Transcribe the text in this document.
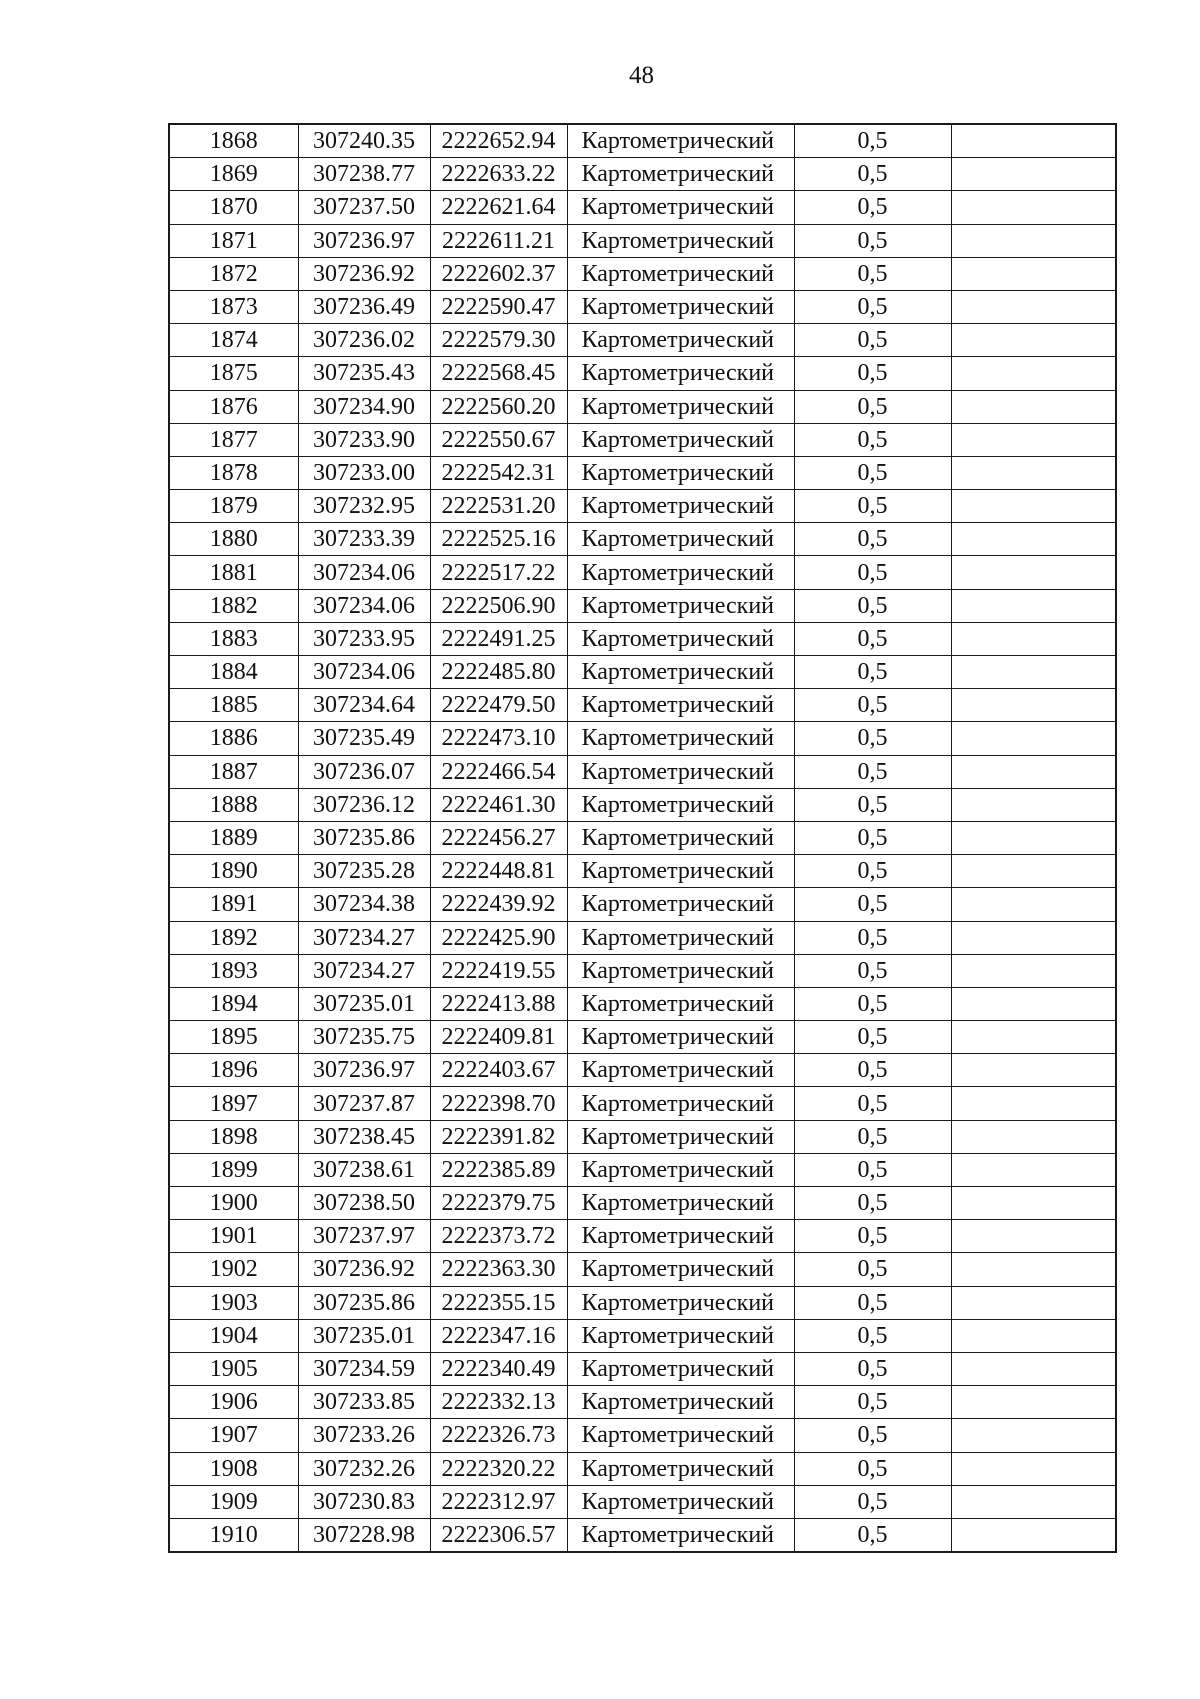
48
1868	307240.35	2222652.94	Картометрический	0,5	
1869	307238.77	2222633.22	Картометрический	0,5	
1870	307237.50	2222621.64	Картометрический	0,5	
1871	307236.97	2222611.21	Картометрический	0,5	
1872	307236.92	2222602.37	Картометрический	0,5	
1873	307236.49	2222590.47	Картометрический	0,5	
1874	307236.02	2222579.30	Картометрический	0,5	
1875	307235.43	2222568.45	Картометрический	0,5	
1876	307234.90	2222560.20	Картометрический	0,5	
1877	307233.90	2222550.67	Картометрический	0,5	
1878	307233.00	2222542.31	Картометрический	0,5	
1879	307232.95	2222531.20	Картометрический	0,5	
1880	307233.39	2222525.16	Картометрический	0,5	
1881	307234.06	2222517.22	Картометрический	0,5	
1882	307234.06	2222506.90	Картометрический	0,5	
1883	307233.95	2222491.25	Картометрический	0,5	
1884	307234.06	2222485.80	Картометрический	0,5	
1885	307234.64	2222479.50	Картометрический	0,5	
1886	307235.49	2222473.10	Картометрический	0,5	
1887	307236.07	2222466.54	Картометрический	0,5	
1888	307236.12	2222461.30	Картометрический	0,5	
1889	307235.86	2222456.27	Картометрический	0,5	
1890	307235.28	2222448.81	Картометрический	0,5	
1891	307234.38	2222439.92	Картометрический	0,5	
1892	307234.27	2222425.90	Картометрический	0,5	
1893	307234.27	2222419.55	Картометрический	0,5	
1894	307235.01	2222413.88	Картометрический	0,5	
1895	307235.75	2222409.81	Картометрический	0,5	
1896	307236.97	2222403.67	Картометрический	0,5	
1897	307237.87	2222398.70	Картометрический	0,5	
1898	307238.45	2222391.82	Картометрический	0,5	
1899	307238.61	2222385.89	Картометрический	0,5	
1900	307238.50	2222379.75	Картометрический	0,5	
1901	307237.97	2222373.72	Картометрический	0,5	
1902	307236.92	2222363.30	Картометрический	0,5	
1903	307235.86	2222355.15	Картометрический	0,5	
1904	307235.01	2222347.16	Картометрический	0,5	
1905	307234.59	2222340.49	Картометрический	0,5	
1906	307233.85	2222332.13	Картометрический	0,5	
1907	307233.26	2222326.73	Картометрический	0,5	
1908	307232.26	2222320.22	Картометрический	0,5	
1909	307230.83	2222312.97	Картометрический	0,5	
1910	307228.98	2222306.57	Картометрический	0,5	
